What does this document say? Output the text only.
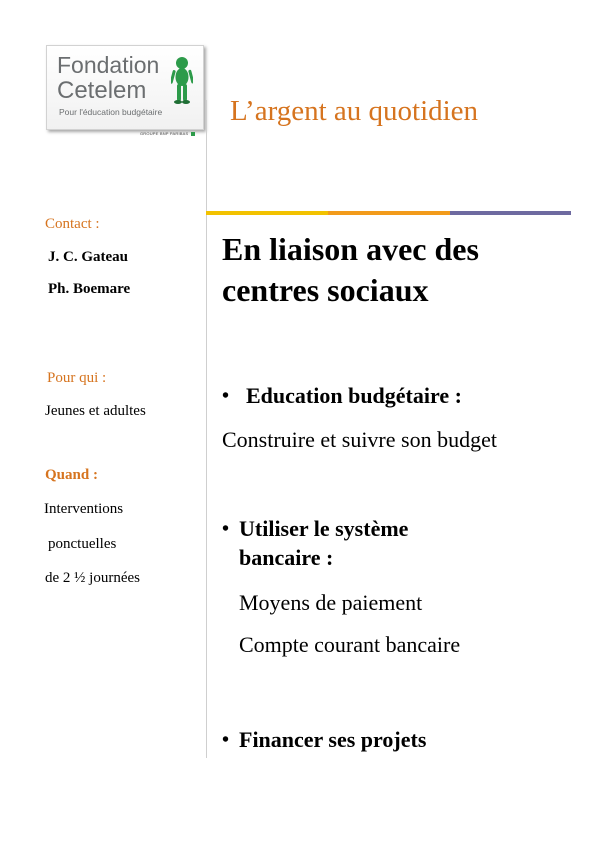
Fondation
Cetelem
Pour l'éducation budgétaire
GROUPE BNP PARIBAS
L’argent au quotidien
Contact :
J. C. Gateau
Ph. Boemare
Pour qui :
Jeunes et adultes
Quand :
Interventions
ponctuelles
de 2 ½ journées
En liaison avec des
centres sociaux
• Education budgétaire :
Construire et suivre son budget
• Utiliser le système
bancaire :
Moyens de paiement
Compte courant bancaire
• Financer ses projets
